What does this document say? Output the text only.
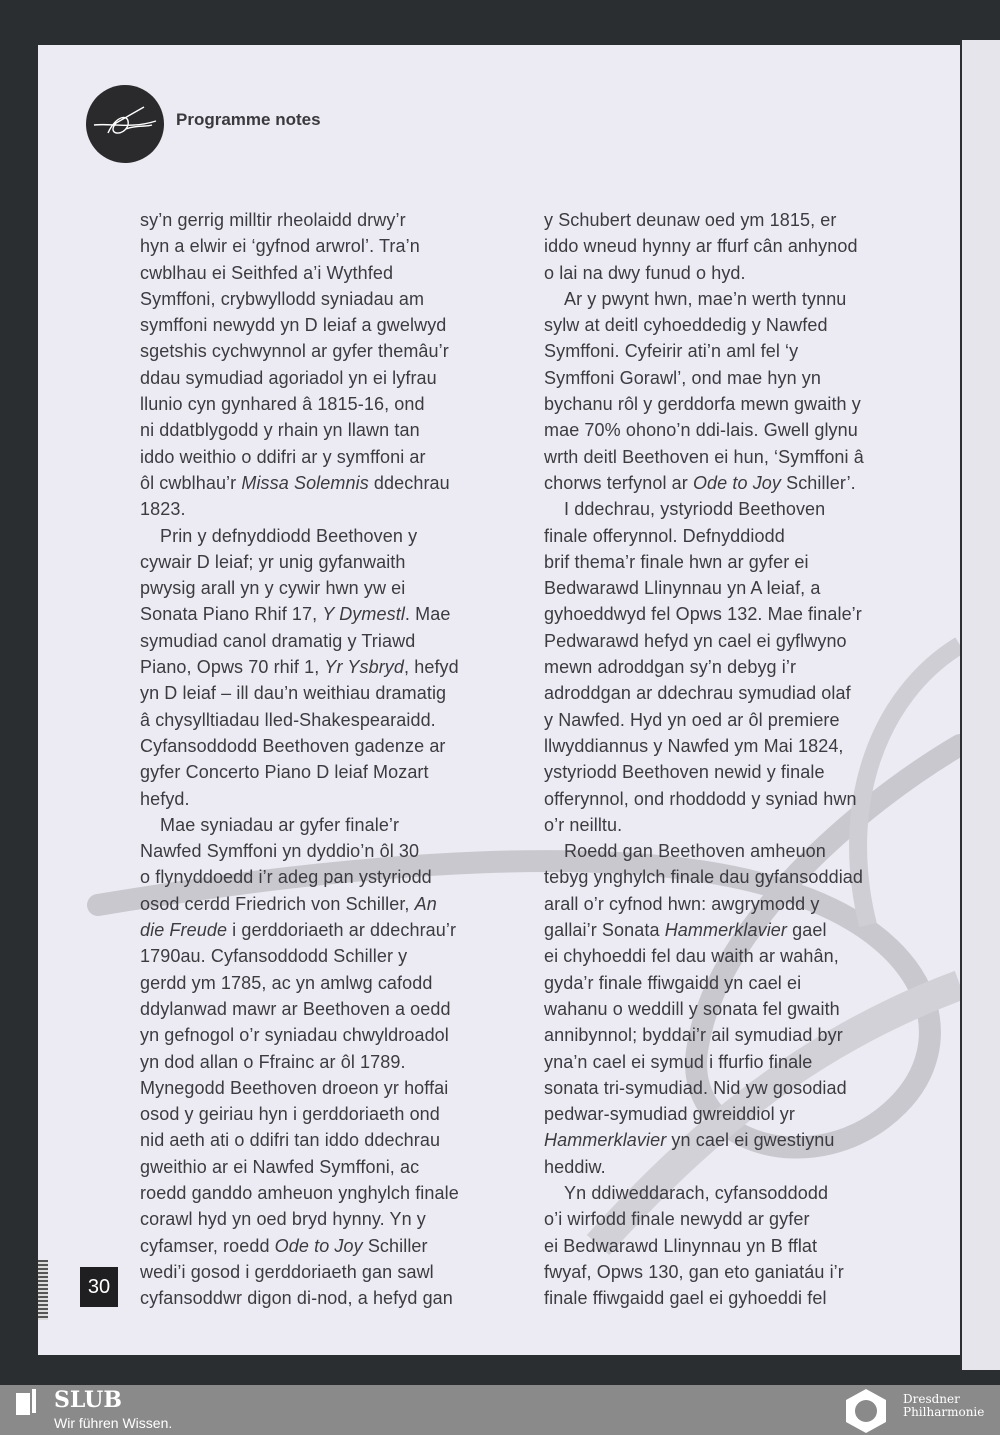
Programme notes
sy’n gerrig milltir rheolaidd drwy’r
hyn a elwir ei ‘gyfnod arwrol’. Tra’n
cwblhau ei Seithfed a’i Wythfed
Symffoni, crybwyllodd syniadau am
symffoni newydd yn D leiaf a gwelwyd
sgetshis cychwynnol ar gyfer themâu’r
ddau symudiad agoriadol yn ei lyfrau
llunio cyn gynhared â 1815-16, ond
ni ddatblygodd y rhain yn llawn tan
iddo weithio o ddifri ar y symffoni ar
ôl cwblhau’r Missa Solemnis ddechrau
1823.
Prin y defnyddiodd Beethoven y
cywair D leiaf; yr unig gyfanwaith
pwysig arall yn y cywir hwn yw ei
Sonata Piano Rhif 17, Y Dymestl. Mae
symudiad canol dramatig y Triawd
Piano, Opws 70 rhif 1, Yr Ysbryd, hefyd
yn D leiaf – ill dau’n weithiau dramatig
â chysylltiadau lled-Shakespearaidd.
Cyfansoddodd Beethoven gadenze ar
gyfer Concerto Piano D leiaf Mozart
hefyd.
Mae syniadau ar gyfer finale’r
Nawfed Symffoni yn dyddio’n ôl 30
o flynyddoedd i’r adeg pan ystyriodd
osod cerdd Friedrich von Schiller, An
die Freude i gerddoriaeth ar ddechrau’r
1790au. Cyfansoddodd Schiller y
gerdd ym 1785, ac yn amlwg cafodd
ddylanwad mawr ar Beethoven a oedd
yn gefnogol o’r syniadau chwyldroadol
yn dod allan o Ffrainc ar ôl 1789.
Mynegodd Beethoven droeon yr hoffai
osod y geiriau hyn i gerddoriaeth ond
nid aeth ati o ddifri tan iddo ddechrau
gweithio ar ei Nawfed Symffoni, ac
roedd ganddo amheuon ynghylch finale
corawl hyd yn oed bryd hynny. Yn y
cyfamser, roedd Ode to Joy Schiller
wedi’i gosod i gerddoriaeth gan sawl
cyfansoddwr digon di-nod, a hefyd gan
y Schubert deunaw oed ym 1815, er
iddo wneud hynny ar ffurf cân anhynod
o lai na dwy funud o hyd.
Ar y pwynt hwn, mae’n werth tynnu
sylw at deitl cyhoeddedig y Nawfed
Symffoni. Cyfeirir ati’n aml fel ‘y
Symffoni Gorawl’, ond mae hyn yn
bychanu rôl y gerddorfa mewn gwaith y
mae 70% ohono’n ddi-lais. Gwell glynu
wrth deitl Beethoven ei hun, ‘Symffoni â
chorws terfynol ar Ode to Joy Schiller’.
I ddechrau, ystyriodd Beethoven
finale offerynnol. Defnyddiodd
brif thema’r finale hwn ar gyfer ei
Bedwarawd Llinynnau yn A leiaf, a
gyhoeddwyd fel Opws 132. Mae finale’r
Pedwarawd hefyd yn cael ei gyflwyno
mewn adroddgan sy’n debyg i’r
adroddgan ar ddechrau symudiad olaf
y Nawfed. Hyd yn oed ar ôl premiere
llwyddiannus y Nawfed ym Mai 1824,
ystyriodd Beethoven newid y finale
offerynnol, ond rhoddodd y syniad hwn
o’r neilltu.
Roedd gan Beethoven amheuon
tebyg ynghylch finale dau gyfansoddiad
arall o’r cyfnod hwn: awgrymodd y
gallai’r Sonata Hammerklavier gael
ei chyhoeddi fel dau waith ar wahân,
gyda’r finale ffiwgaidd yn cael ei
wahanu o weddill y sonata fel gwaith
annibynnol; byddai’r ail symudiad byr
yna’n cael ei symud i ffurfio finale
sonata tri-symudiad. Nid yw gosodiad
pedwar-symudiad gwreiddiol yr
Hammerklavier yn cael ei gwestiynu
heddiw.
Yn ddiweddarach, cyfansoddodd
o’i wirfodd finale newydd ar gyfer
ei Bedwarawd Llinynnau yn B fflat
fwyaf, Opws 130, gan eto ganiatáu i’r
finale ffiwgaidd gael ei gyhoeddi fel
30
SLUB
Wir führen Wissen.
Dresdner
Philharmonie
